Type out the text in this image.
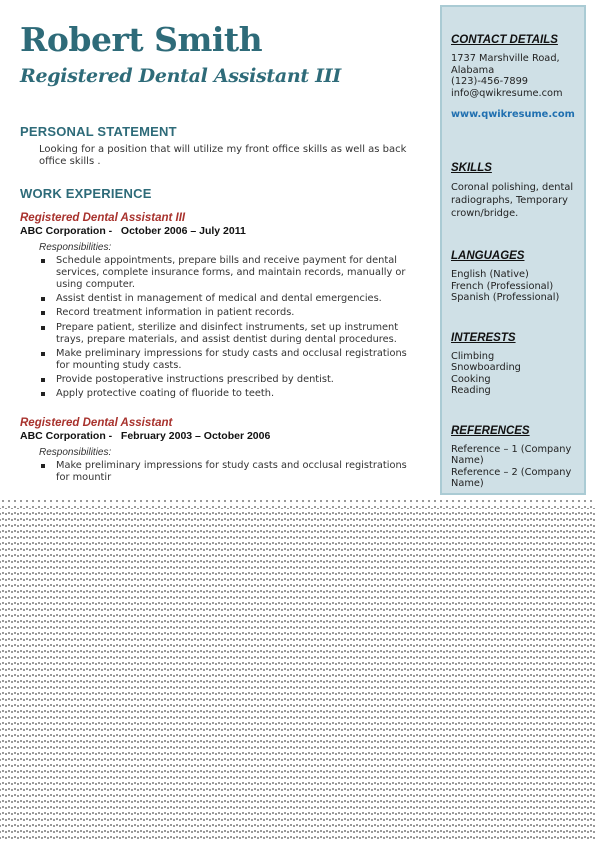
Robert Smith
Registered Dental Assistant III
PERSONAL STATEMENT

Looking for a position that will utilize my front office skills as well as back office skills .

WORK EXPERIENCE

Registered Dental Assistant III

ABC Corporation -   October 2006 – July 2011

Responsibilities:

Schedule appointments, prepare bills and receive payment for dental services, complete insurance forms, and maintain records, manually or using computer.
Assist dentist in management of medical and dental emergencies.
Record treatment information in patient records.
Prepare patient, sterilize and disinfect instruments, set up instrument trays, prepare materials, and assist dentist during dental procedures.
Make preliminary impressions for study casts and occlusal registrations for mounting study casts.
Provide postoperative instructions prescribed by dentist.
Apply protective coating of fluoride to teeth.

Registered Dental Assistant

ABC Corporation -   February 2003 – October 2006

Responsibilities:

Make preliminary impressions for study casts and occlusal registrations for mountir

CONTACT DETAILS

1737 Marshville Road, Alabama

(123)-456-7899

info@qwikresume.com

www.qwikresume.com

SKILLS

Coronal polishing, dental radiographs, Temporary crown/bridge.

LANGUAGES

English (Native)

French (Professional)

Spanish (Professional)

INTERESTS

Climbing

Snowboarding

Cooking

Reading

REFERENCES

Reference – 1 (Company Name)

Reference – 2 (Company Name)
